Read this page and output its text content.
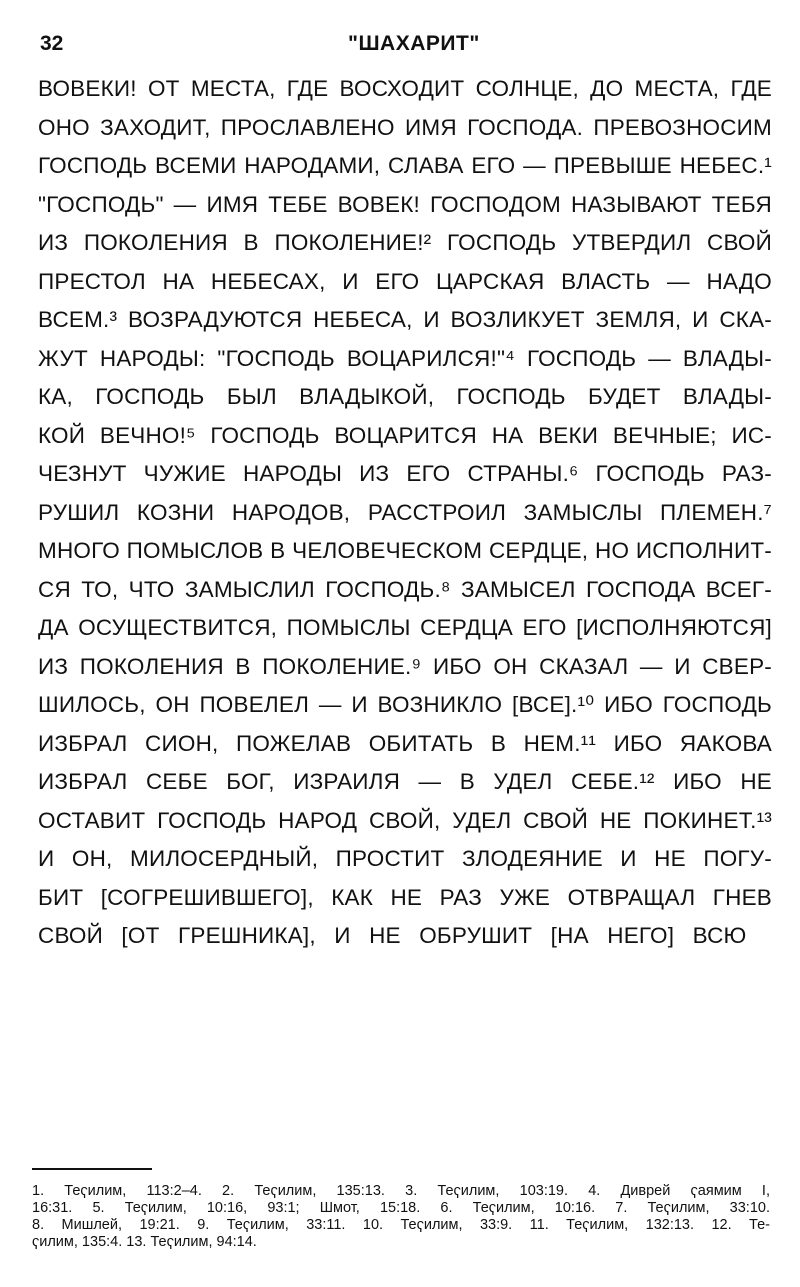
32	"ШАХАРИТ"
ВОВЕКИ! ОТ МЕСТА, ГДЕ ВОСХОДИТ СОЛНЦЕ, ДО МЕСТА, ГДЕ
ОНО ЗАХОДИТ, ПРОСЛАВЛЕНО ИМЯ ГОСПОДА. ПРЕВОЗНОСИМ
ГОСПОДЬ ВСЕМИ НАРОДАМИ, СЛАВА ЕГО — ПРЕВЫШЕ НЕБЕС.¹
"ГОСПОДЬ" — ИМЯ ТЕБЕ ВОВЕК! ГОСПОДОМ НАЗЫВАЮТ ТЕБЯ
ИЗ ПОКОЛЕНИЯ В ПОКОЛЕНИЕ!² ГОСПОДЬ УТВЕРДИЛ СВОЙ
ПРЕСТОЛ НА НЕБЕСАХ, И ЕГО ЦАРСКАЯ ВЛАСТЬ — НАДО
ВСЕМ.³ ВОЗРАДУЮТСЯ НЕБЕСА, И ВОЗЛИКУЕТ ЗЕМЛЯ, И СКА-
ЖУТ НАРОДЫ: "ГОСПОДЬ ВОЦАРИЛСЯ!"⁴ ГОСПОДЬ — ВЛАДЫ-
КА, ГОСПОДЬ БЫЛ ВЛАДЫКОЙ, ГОСПОДЬ БУДЕТ ВЛАДЫ-
КОЙ ВЕЧНО!⁵ ГОСПОДЬ ВОЦАРИТСЯ НА ВЕКИ ВЕЧНЫЕ; ИС-
ЧЕЗНУТ ЧУЖИЕ НАРОДЫ ИЗ ЕГО СТРАНЫ.⁶ ГОСПОДЬ РАЗ-
РУШИЛ КОЗНИ НАРОДОВ, РАССТРОИЛ ЗАМЫСЛЫ ПЛЕМЕН.⁷
МНОГО ПОМЫСЛОВ В ЧЕЛОВЕЧЕСКОМ СЕРДЦЕ, НО ИСПОЛНИТ-
СЯ ТО, ЧТО ЗАМЫСЛИЛ ГОСПОДЬ.⁸ ЗАМЫСЕЛ ГОСПОДА ВСЕГ-
ДА ОСУЩЕСТВИТСЯ, ПОМЫСЛЫ СЕРДЦА ЕГО [ИСПОЛНЯЮТСЯ]
ИЗ ПОКОЛЕНИЯ В ПОКОЛЕНИЕ.⁹ ИБО ОН СКАЗАЛ — И СВЕР-
ШИЛОСЬ, ОН ПОВЕЛЕЛ — И ВОЗНИКЛО [ВСЕ].¹⁰ ИБО ГОСПОДЬ
ИЗБРАЛ СИОН, ПОЖЕЛАВ ОБИТАТЬ В НЕМ.¹¹ ИБО ЯАКОВА
ИЗБРАЛ СЕБЕ БОГ, ИЗРАИЛЯ — В УДЕЛ СЕБЕ.¹² ИБО НЕ
ОСТАВИТ ГОСПОДЬ НАРОД СВОЙ, УДЕЛ СВОЙ НЕ ПОКИНЕТ.¹³
И ОН, МИЛОСЕРДНЫЙ, ПРОСТИТ ЗЛОДЕЯНИЕ И НЕ ПОГУ-
БИТ [СОГРЕШИВШЕГО], КАК НЕ РАЗ УЖЕ ОТВРАЩАЛ ГНЕВ
СВОЙ [ОТ ГРЕШНИКА], И НЕ ОБРУШИТ [НА НЕГО] ВСЮ
1. Теҁилим, 113:2–4. 2. Теҁилим, 135:13. 3. Теҁилим, 103:19. 4. Диврей ҁаямим I,
16:31. 5. Теҁилим, 10:16, 93:1; Шмот, 15:18. 6. Теҁилим, 10:16. 7. Теҁилим, 33:10.
8. Мишлей, 19:21. 9. Теҁилим, 33:11. 10. Теҁилим, 33:9. 11. Теҁилим, 132:13. 12. Те-
ҁилим, 135:4. 13. Теҁилим, 94:14.
